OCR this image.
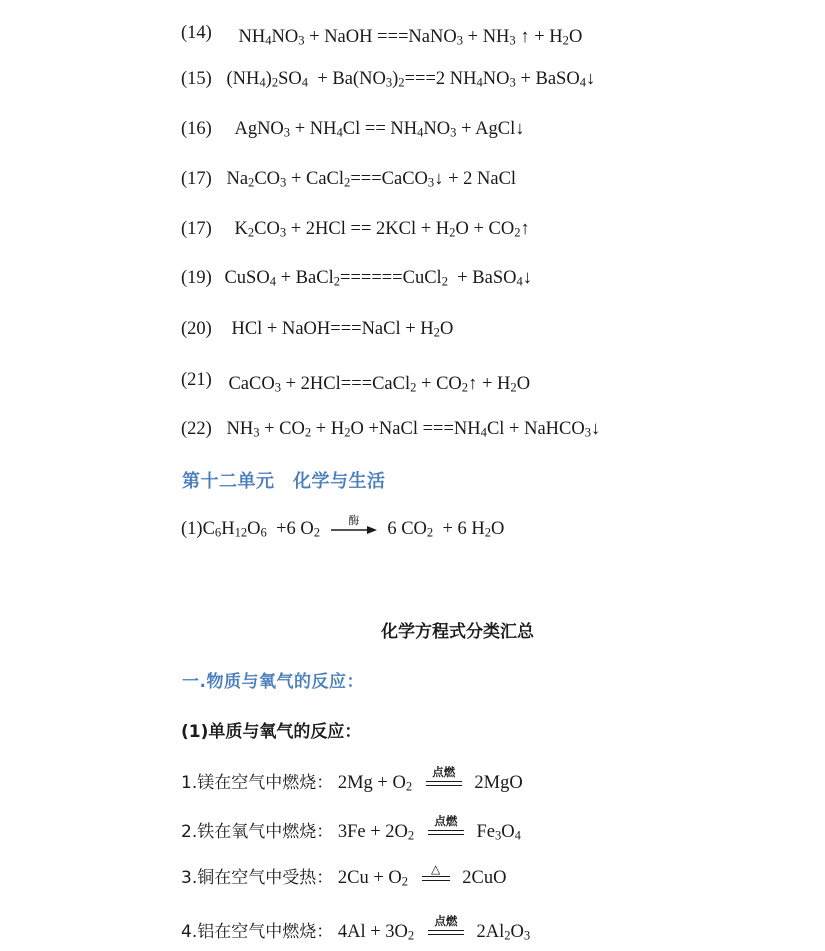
(14) $NH_4NO_3$ + NaOH ===NaNO$_3$ + $NH_3$ ↑ + $H_2O$
(15) $(NH_4)_2SO_4 + Ba(NO_3)_2===2$ $NH_4NO_3$ + BaSO$_4$↓
(16) AgNO$_3$ + $NH_4Cl == NH_4NO_3$ + AgCl↓
(17) $Na_2CO_3$ + CaCl$_2$===CaCO$_3$↓ + 2 NaCl
(17) $K_2CO_3 + 2HCl == 2KCl + H_2O$ + $CO_2↑$
(19) CuSO$_4$ + BaCl$_2$======CuCl$_2$  + BaSO$_4$↓
(20) HCl + NaOH===NaCl + $H_2O$
(21) CaCO$_3$ + 2HCl===CaCl$_2$ + $CO_2↑ + H_2O$
(22) $NH_3 + CO_2 + H_2O$ +NaCl $===NH_4Cl$ + NaHCO$_3$↓
第十二单元　化学与生活
$(1)C_6H_{12}O_6 +6$ $O_2$
酶	6 $CO_2 + 6$ $H_2O$
化学方程式分类汇总
一.物质与氧气的反应：
(1)单质与氧气的反应：
1.镁在空气中燃烧： $2Mg + O_2$
点燃
2MgO
2.铁在氧气中燃烧： $3Fe + 2O_2$
点燃
$Fe_3O_4$
3.铜在空气中受热： $2Cu + O_2$
△	2CuO
4.铝在空气中燃烧： $4Al + 3O_2$
点燃
$2Al_2O_3$
